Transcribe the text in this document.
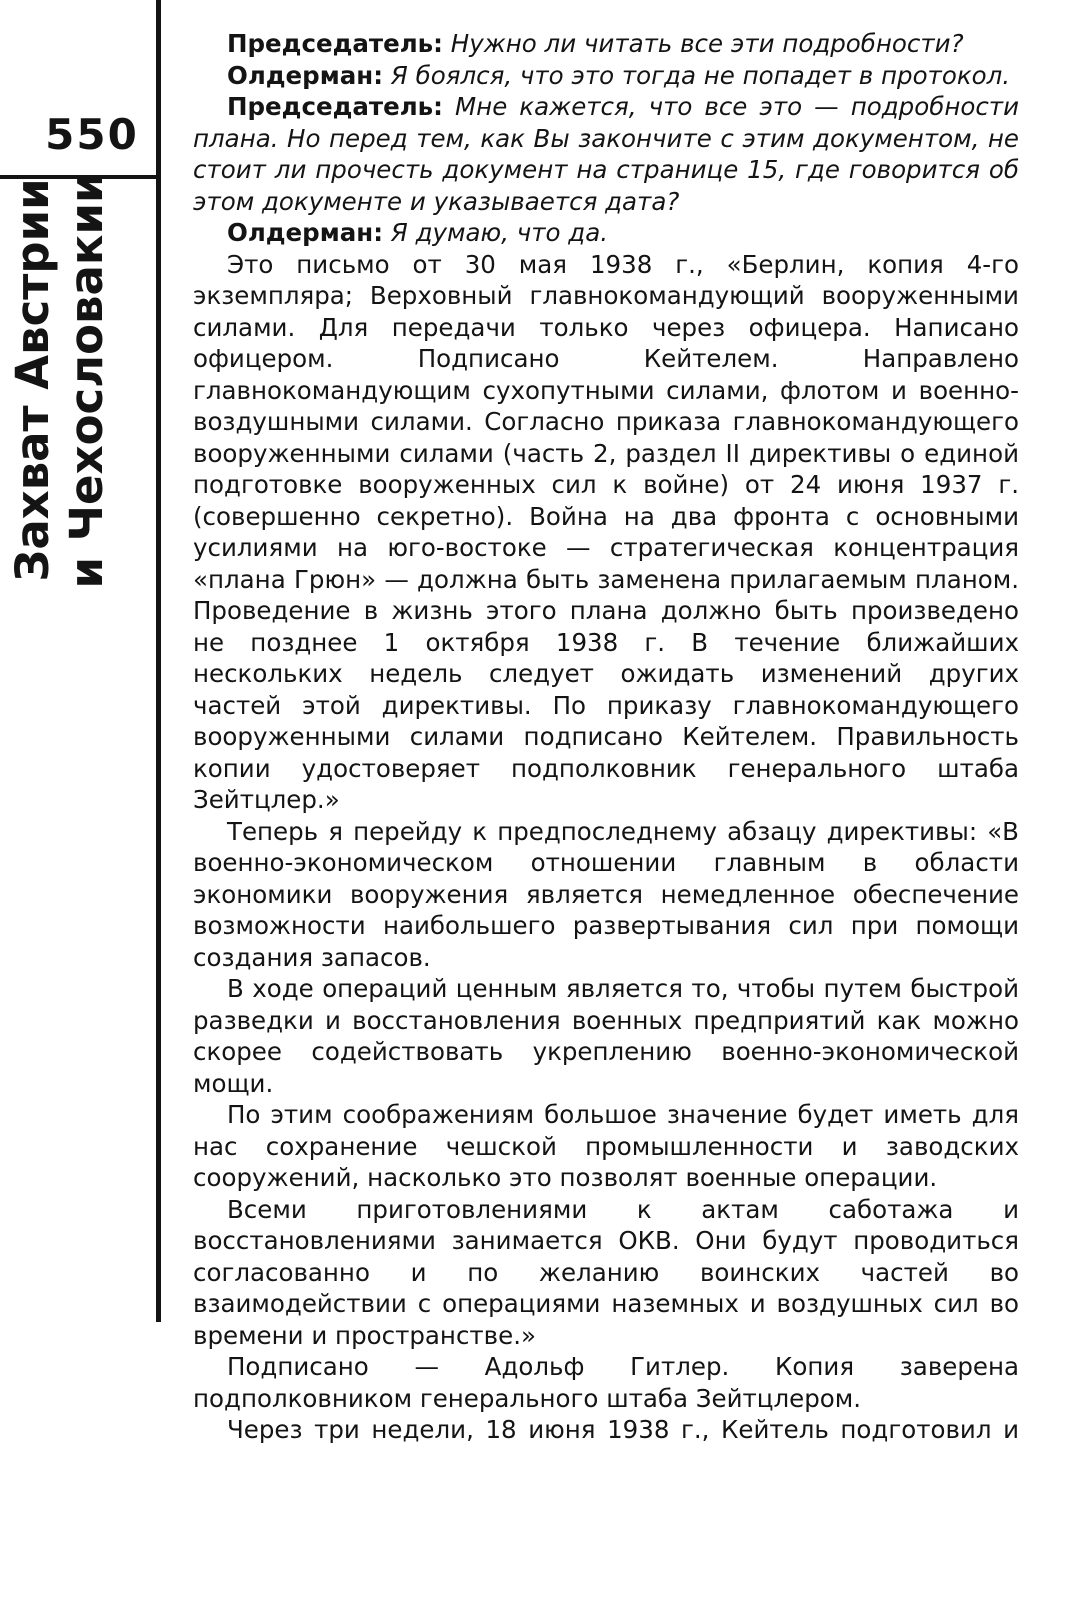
550
Захват Австрии и Чехословакии

Председатель: Нужно ли читать все эти подробности?

Олдерман: Я боялся, что это тогда не попадет в протокол.

Председатель: Мне кажется, что все это — подробности плана. Но перед тем, как Вы закончите с этим документом, не стоит ли прочесть документ на странице 15, где говорится об этом документе и указывается дата?

Олдерман: Я думаю, что да.

Это письмо от 30 мая 1938 г., «Берлин, копия 4-го экземпляра; Верховный главнокомандующий вооруженными силами. Для передачи только через офицера. Написано офицером. Подписано Кейтелем. Направлено главнокомандующим сухопутными силами, флотом и военно-воздушными силами. Согласно приказа главнокомандующего вооруженными силами (часть 2, раздел II директивы о единой подготовке вооруженных сил к войне) от 24 июня 1937 г. (совершенно секретно). Война на два фронта с основными усилиями на юго-востоке — стратегическая концентрация «плана Грюн» — должна быть заменена прилагаемым планом. Проведение в жизнь этого плана должно быть произведено не позднее 1 октября 1938 г. В течение ближайших нескольких недель следует ожидать изменений других частей этой директивы. По приказу главнокомандующего вооруженными силами подписано Кейтелем. Правильность копии удостоверяет подполковник генерального штаба Зейтцлер.»

Теперь я перейду к предпоследнему абзацу директивы: «В военно-экономическом отношении главным в области экономики вооружения является немедленное обеспечение возможности наибольшего развертывания сил при помощи создания запасов.

В ходе операций ценным является то, чтобы путем быстрой разведки и восстановления военных предприятий как можно скорее содействовать укреплению военно-экономической мощи.

По этим соображениям большое значение будет иметь для нас сохранение чешской промышленности и заводских сооружений, насколько это позволят военные операции.

Всеми приготовлениями к актам саботажа и восстановлениями занимается ОКВ. Они будут проводиться согласованно и по желанию воинских частей во взаимодействии с операциями наземных и воздушных сил во времени и пространстве.»

Подписано — Адольф Гитлер. Копия заверена подполковником генерального штаба Зейтцлером.

Через три недели, 18 июня 1938 г., Кейтель подготовил и
